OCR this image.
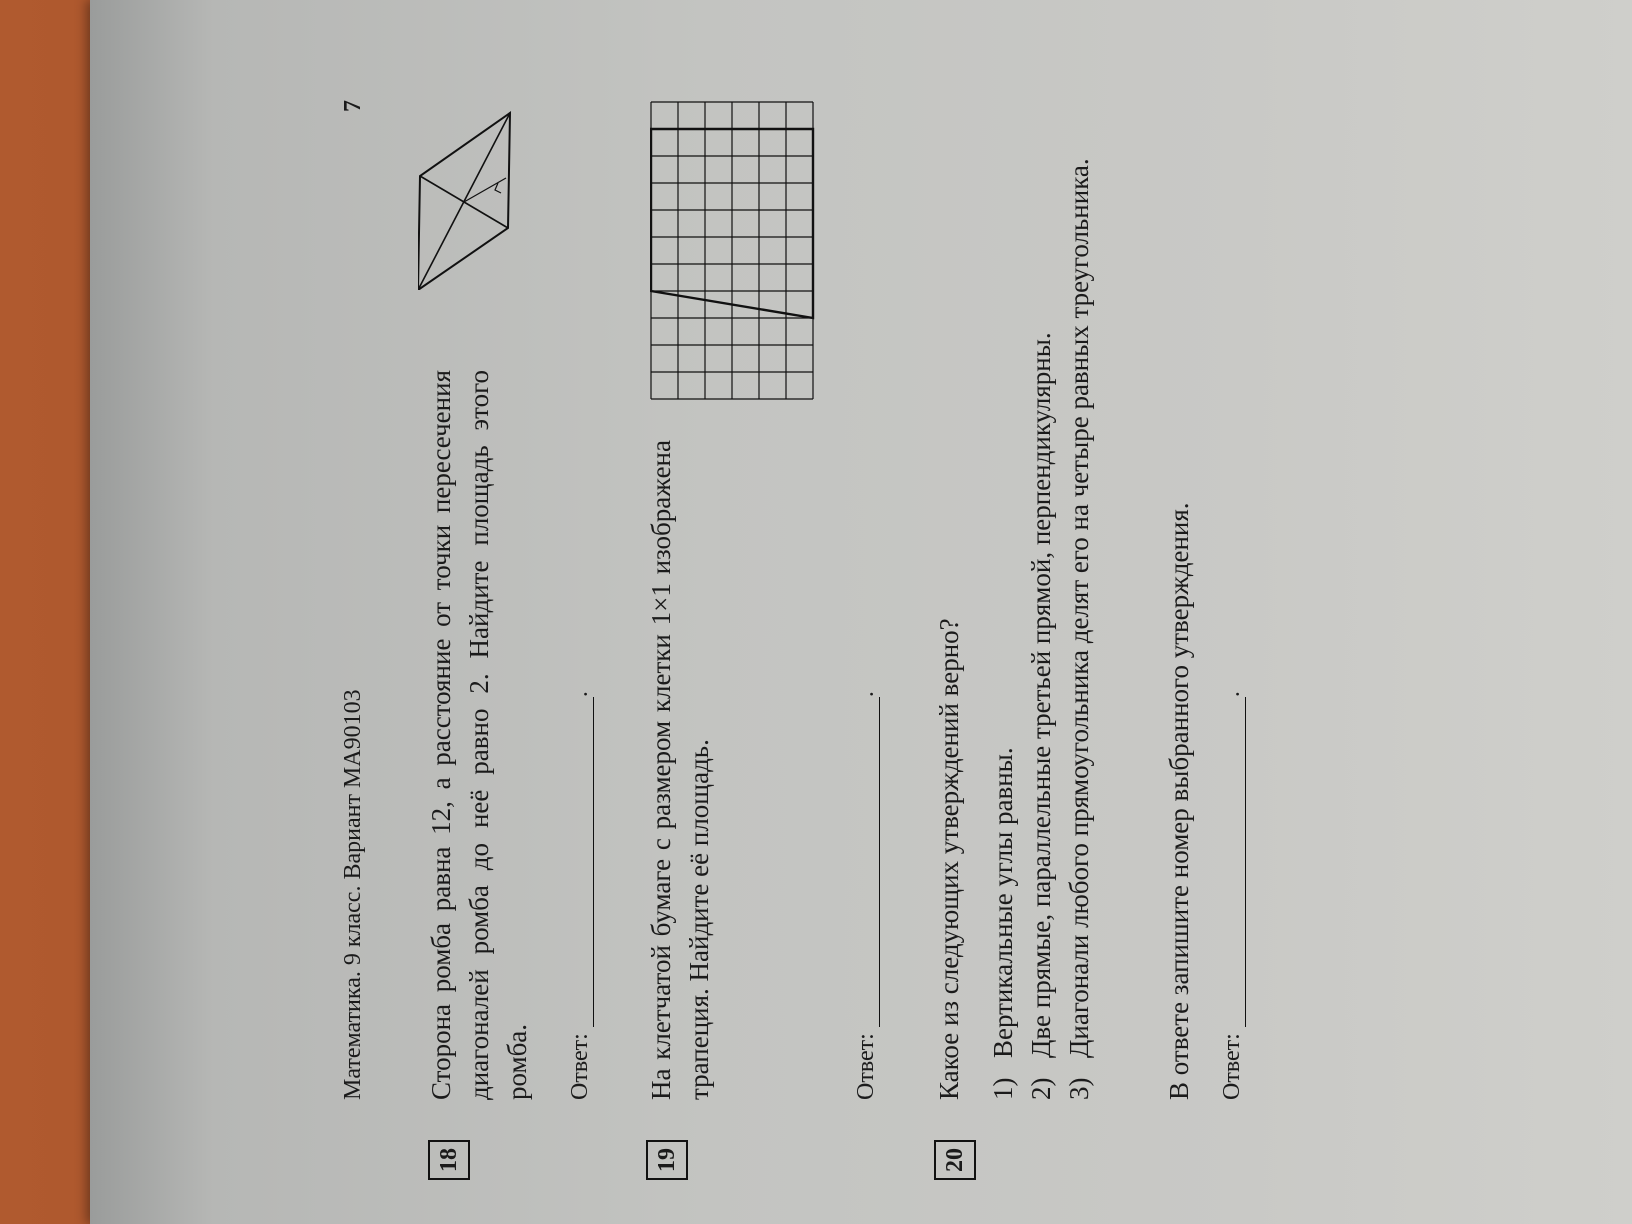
Математика. 9 класс. Вариант МА90103
7
18
Сторона ромба равна 12, а расстояние от точки пересечения диагоналей ромба до неё равно 2. Найдите площадь этого ромба. Ответ:
.
19
На клетчатой бумаге с размером клетки 1×1 изображена трапеция. Найдите её площадь.	Ответ:
.
20
Какое из следующих утверждений верно? 1)
Вертикальные углы равны.
2)
Две прямые, параллельные третьей прямой, перпендикулярны.
3)
Диагонали любого прямоугольника делят его на четыре равных треугольника.	В ответе запишите номер выбранного утверждения. Ответ:
.
